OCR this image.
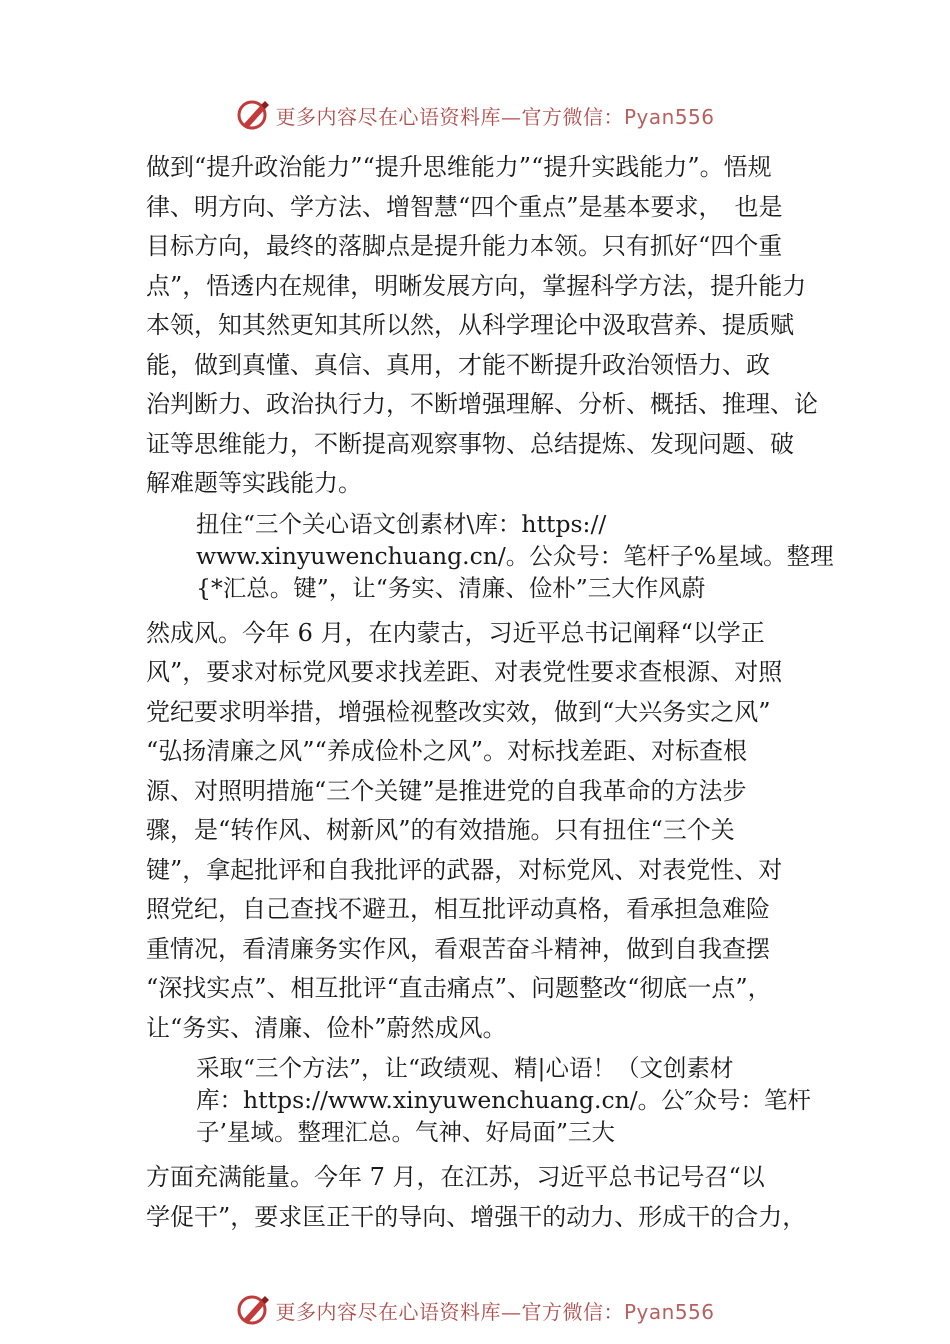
更多内容尽在心语资料库—官方微信：Pyan556

做到“提升政治能力”“提升思维能力”“提升实践能力”。悟规
律、明方向、学方法、增智慧“四个重点”是基本要求，　也是
目标方向，最终的落脚点是提升能力本领。只有抓好“四个重
点”，悟透内在规律，明晰发展方向，掌握科学方法，提升能力
本领，知其然更知其所以然，从科学理论中汲取营养、提质赋
能，做到真懂、真信、真用，才能不断提升政治领悟力、政
治判断力、政治执行力，不断增强理解、分析、概括、推理、论
证等思维能力，不断提高观察事物、总结提炼、发现问题、破
解难题等实践能力。

扭住“三个关心语文创素材\库：https://
www.xinyuwenchuang.cn/。公众号：笔杆子%星域。整理
{*汇总。键”，让“务实、清廉、俭朴”三大作风蔚

然成风。今年 6 月，在内蒙古，习近平总书记阐释“以学正
风”，要求对标党风要求找差距、对表党性要求查根源、对照
党纪要求明举措，增强检视整改实效，做到“大兴务实之风”
“弘扬清廉之风”“养成俭朴之风”。对标找差距、对标查根
源、对照明措施“三个关键”是推进党的自我革命的方法步
骤，是“转作风、树新风”的有效措施。只有扭住“三个关
键”，拿起批评和自我批评的武器，对标党风、对表党性、对
照党纪，自己查找不避丑，相互批评动真格，看承担急难险
重情况，看清廉务实作风，看艰苦奋斗精神，做到自我查摆
“深找实点”、相互批评“直击痛点”、问题整改“彻底一点”，
让“务实、清廉、俭朴”蔚然成风。

采取“三个方法”，让“政绩观、精|心语！（文创素材
库：https://www.xinyuwenchuang.cn/。公″众号：笔杆
子’星域。整理汇总。气神、好局面”三大

方面充满能量。今年 7 月，在江苏，习近平总书记号召“以
学促干”，要求匡正干的导向、增强干的动力、形成干的合力，

更多内容尽在心语资料库—官方微信：Pyan556
